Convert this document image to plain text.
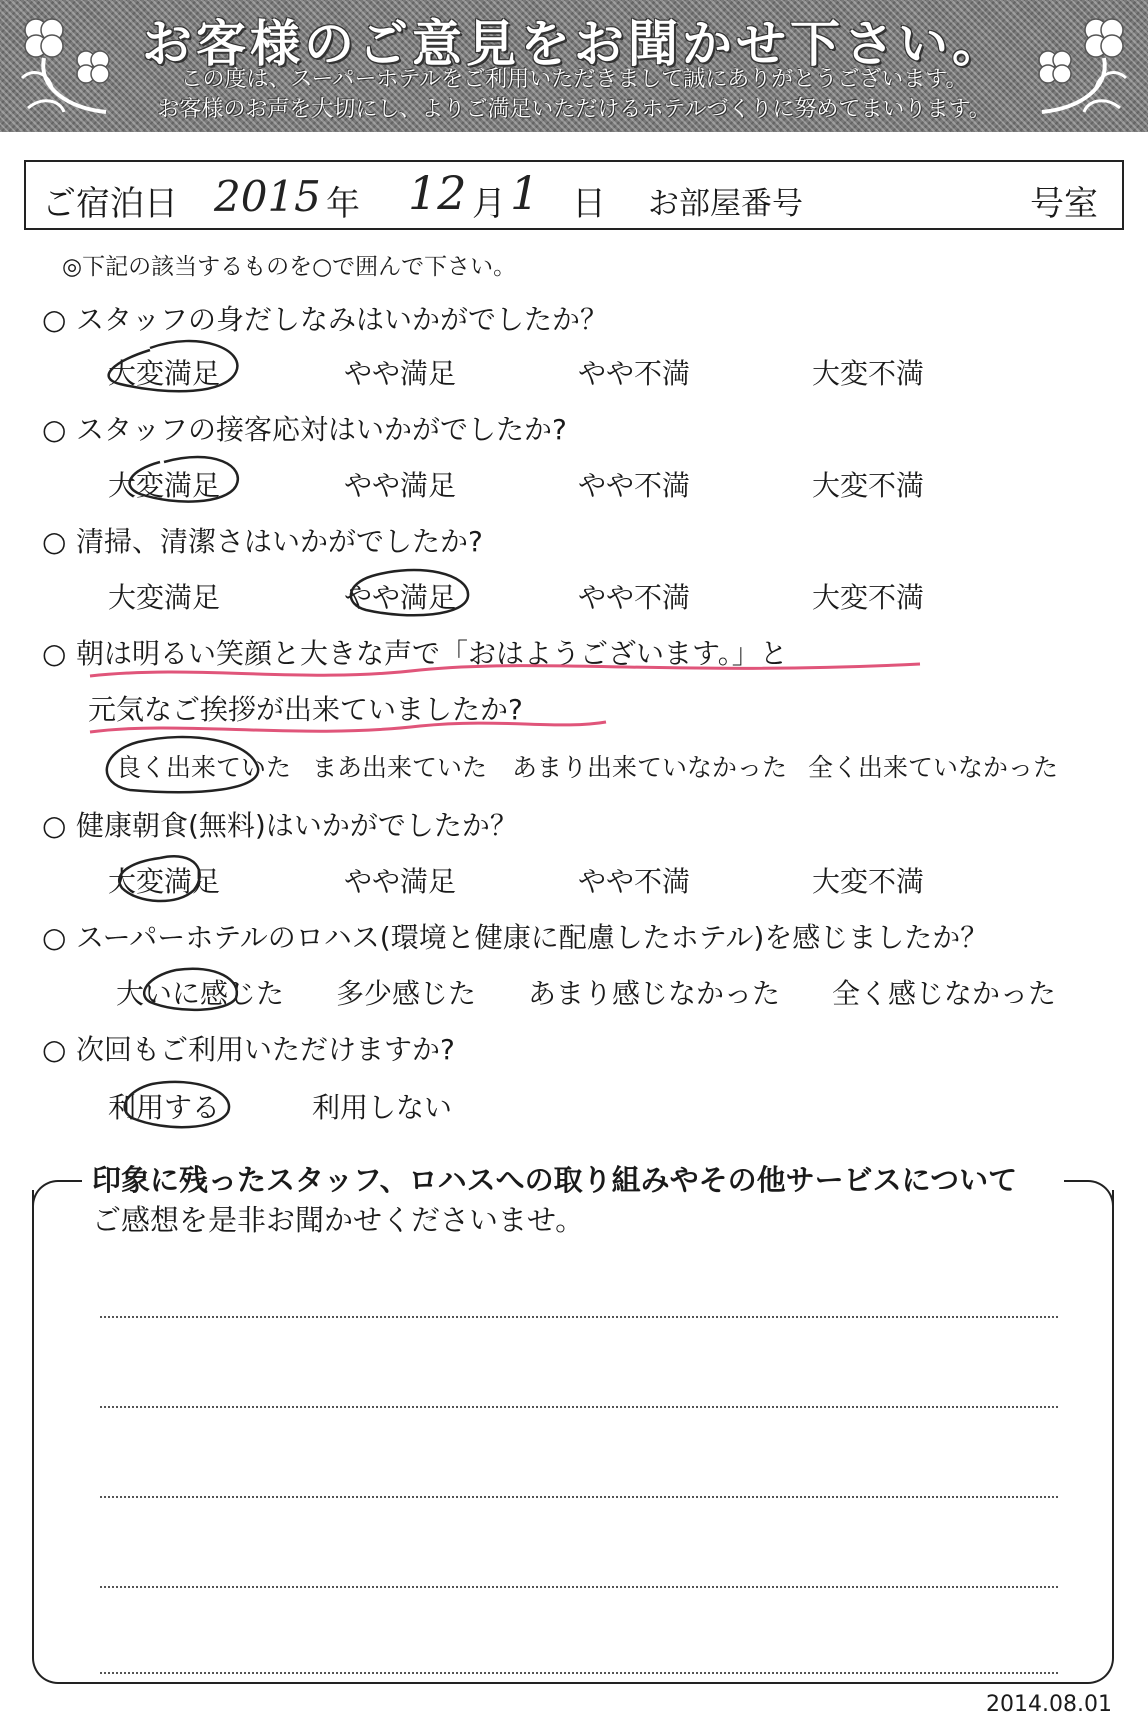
お客様のご意見をお聞かせ下さい。
この度は、スーパーホテルをご利用いただきまして誠にありがとうございます。
お客様のお声を大切にし、よりご満足いただけるホテルづくりに努めてまいります。
ご宿泊日 2015 年 12 月 1 日 お部屋番号	号室
◎下記の該当するものを○で囲んで下さい。
○ スタッフの身だしなみはいかがでしたか？
大変満足	やや満足	やや不満	大変不満
○ スタッフの接客応対はいかがでしたか?
大変満足	やや満足	やや不満	大変不満
○ 清掃、清潔さはいかがでしたか?
大変満足	やや満足	やや不満	大変不満
○ 朝は明るい笑顔と大きな声で「おはようございます。」と
元気なご挨拶が出来ていましたか?
良く出来ていた まあ出来ていた あまり出来ていなかった 全く出来ていなかった
○ 健康朝食(無料)はいかがでしたか？
大変満足	やや満足	やや不満	大変不満
○ スーパーホテルのロハス(環境と健康に配慮したホテル)を感じましたか？
大いに感じた 多少感じた あまり感じなかった 全く感じなかった
○ 次回もご利用いただけますか?
利用する	利用しない
印象に残ったスタッフ、ロハスへの取り組みやその他サービスについて
ご感想を是非お聞かせくださいませ。
2014.08.01
